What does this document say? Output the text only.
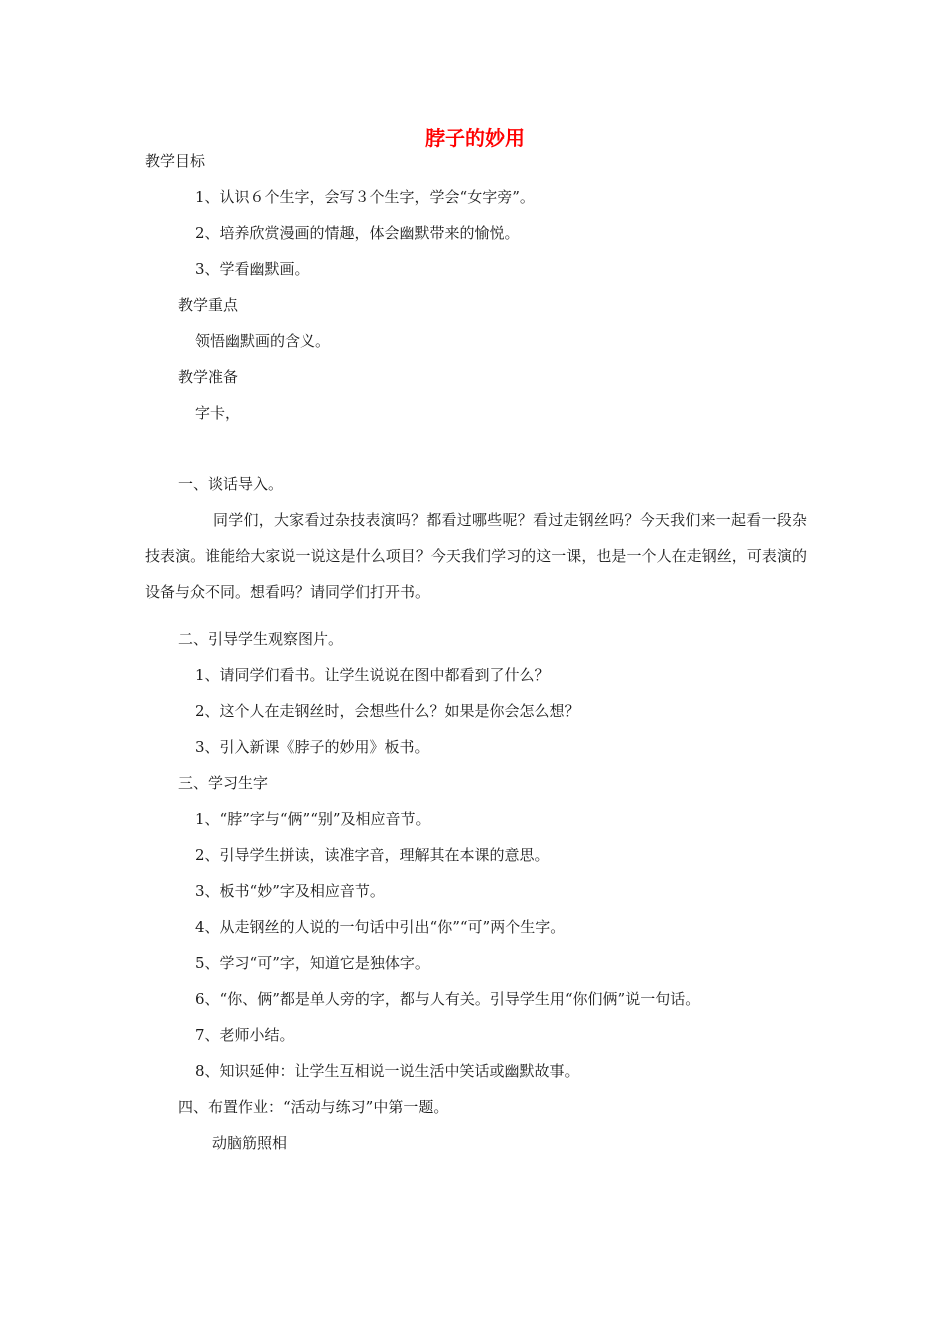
脖子的妙用
教学目标
1、认识６个生字，会写３个生字，学会“女字旁”。
2、培养欣赏漫画的情趣，体会幽默带来的愉悦。
3、学看幽默画。
教学重点
领悟幽默画的含义。
教学准备
字卡，
一、谈话导入。
同学们，大家看过杂技表演吗？都看过哪些呢？看过走钢丝吗？今天我们来一起看一段杂技表演。谁能给大家说一说这是什么项目？今天我们学习的这一课，也是一个人在走钢丝，可表演的设备与众不同。想看吗？请同学们打开书。
二、引导学生观察图片。
1、请同学们看书。让学生说说在图中都看到了什么？
2、这个人在走钢丝时，会想些什么？如果是你会怎么想？
3、引入新课《脖子的妙用》板书。
三、学习生字
1、“脖”字与“俩”“别”及相应音节。
2、引导学生拼读，读准字音，理解其在本课的意思。
3、板书“妙”字及相应音节。
4、从走钢丝的人说的一句话中引出“你”“可”两个生字。
5、学习“可”字，知道它是独体字。
6、“你、俩”都是单人旁的字，都与人有关。引导学生用“你们俩”说一句话。
7、老师小结。
8、知识延伸：让学生互相说一说生活中笑话或幽默故事。
四、布置作业：“活动与练习”中第一题。
动脑筋照相
